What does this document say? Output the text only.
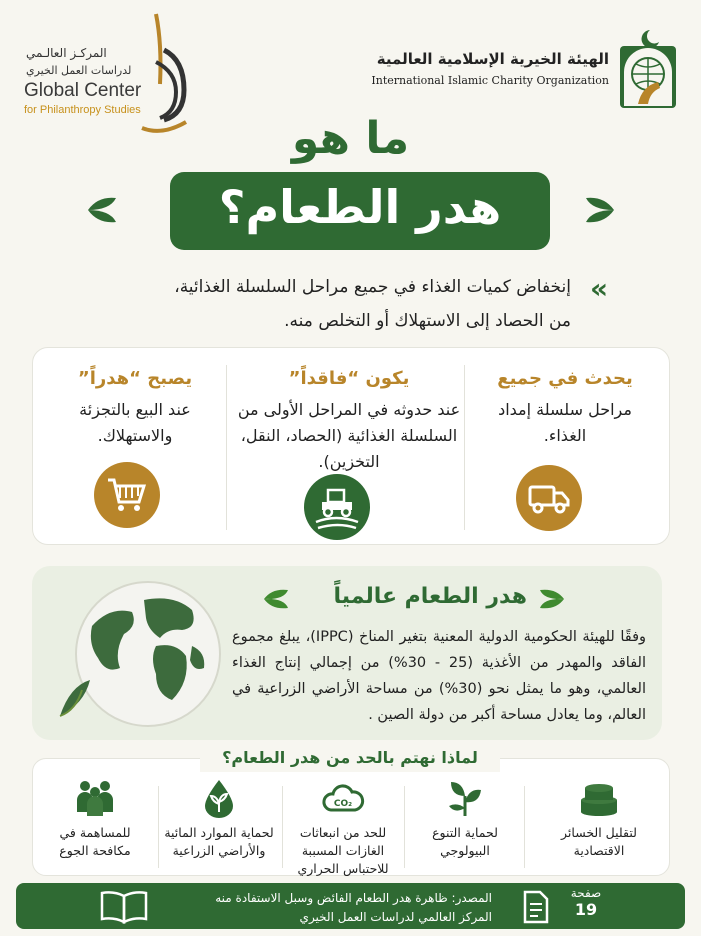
الهيئة الخيرية الإسلامية العالمية
International Islamic Charity Organization
المركـز العالـمي
لدراسات العمل الخيري
Global Center
for Philanthropy Studies
ما هو
هدر الطعام؟
«
إنخفاض كميات الغذاء في جميع مراحل السلسلة الغذائية،
من الحصاد إلى الاستهلاك أو التخلص منه.
يحدث في جميع
مراحل سلسلة إمداد الغذاء.
يكون “فاقداً”
عند حدوثه في المراحل الأولى من السلسلة الغذائية (الحصاد، النقل، التخزين).
يصبح “هدراً”
عند البيع بالتجزئة والاستهلاك.
هدر الطعام عالمياً
وفقًا للهيئة الحكومية الدولية المعنية بتغير المناخ (IPPC)، يبلغ مجموع الفاقد والمهدر من الأغذية (25 - 30%) من إجمالي إنتاج الغذاء العالمي، وهو ما يمثل نحو (30%) من مساحة الأراضي الزراعية في العالم، وما يعادل مساحة أكبر من دولة الصين .
لماذا نهتم بالحد من هدر الطعام؟
لتقليل الخسائر الاقتصادية
لحماية التنوع البيولوجي
CO₂
للحد من انبعاثات الغازات المسببة للاحتباس الحراري
لحماية الموارد المائية والأراضي الزراعية
للمساهمة في مكافحة الجوع
صفحة
19
المصدر: ظاهرة هدر الطعام الفائض وسبل الاستفادة منه
المركز العالمي لدراسات العمل الخيري
